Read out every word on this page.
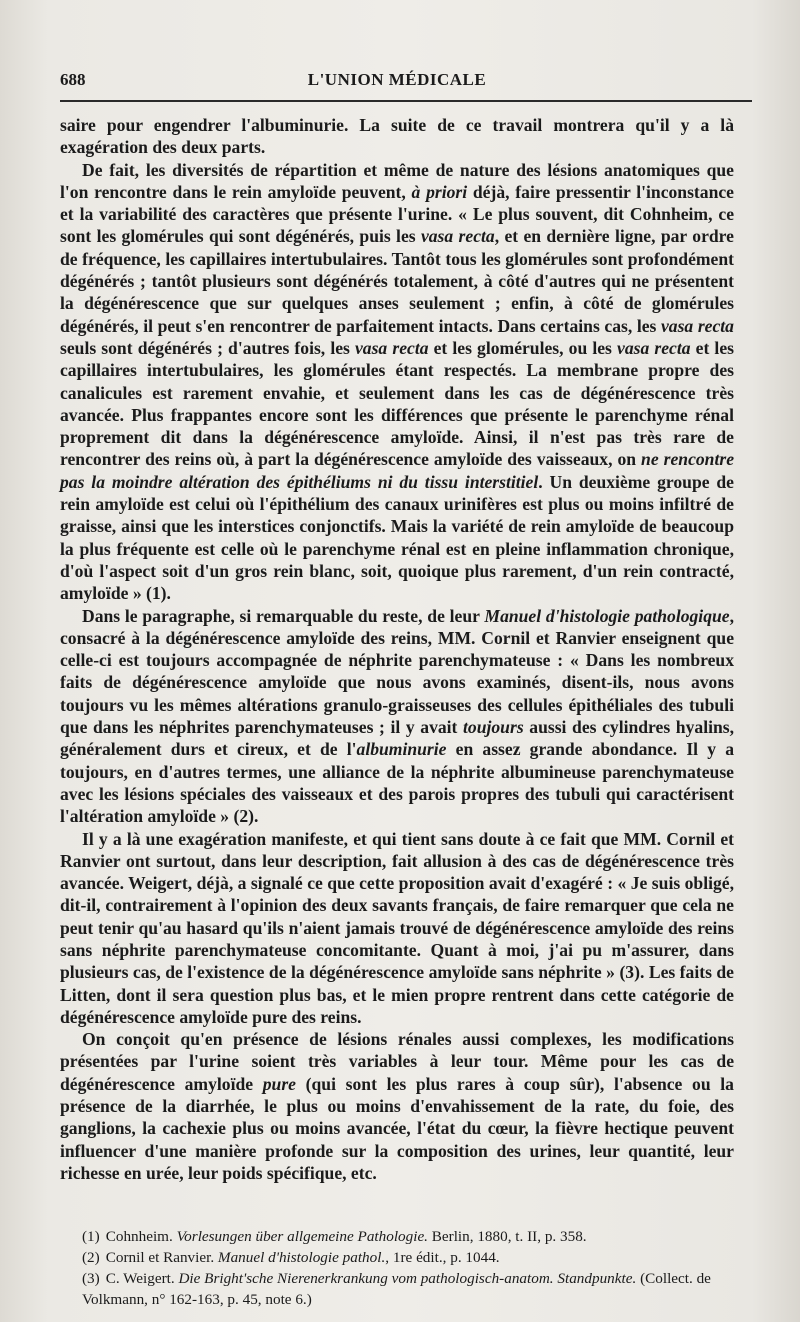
688	L'UNION MÉDICALE

saire pour engendrer l'albuminurie. La suite de ce travail montrera qu'il y a là exagération des deux parts.

De fait, les diversités de répartition et même de nature des lésions anatomiques que l'on rencontre dans le rein amyloïde peuvent, à priori déjà, faire pressentir l'inconstance et la variabilité des caractères que présente l'urine. « Le plus souvent, dit Cohnheim, ce sont les glomérules qui sont dégénérés, puis les vasa recta, et en dernière ligne, par ordre de fréquence, les capillaires intertubulaires. Tantôt tous les glomérules sont profondément dégénérés ; tantôt plusieurs sont dégénérés totalement, à côté d'autres qui ne présentent la dégénérescence que sur quelques anses seulement ; enfin, à côté de glomérules dégénérés, il peut s'en rencontrer de parfaitement intacts. Dans certains cas, les vasa recta seuls sont dégénérés ; d'autres fois, les vasa recta et les glomérules, ou les vasa recta et les capillaires intertubulaires, les glomérules étant respectés. La membrane propre des canalicules est rarement envahie, et seulement dans les cas de dégénérescence très avancée. Plus frappantes encore sont les différences que présente le parenchyme rénal proprement dit dans la dégénérescence amyloïde. Ainsi, il n'est pas très rare de rencontrer des reins où, à part la dégénérescence amyloïde des vaisseaux, on ne rencontre pas la moindre altération des épithéliums ni du tissu interstitiel. Un deuxième groupe de rein amyloïde est celui où l'épithélium des canaux urinifères est plus ou moins infiltré de graisse, ainsi que les interstices conjonctifs. Mais la variété de rein amyloïde de beaucoup la plus fréquente est celle où le parenchyme rénal est en pleine inflammation chronique, d'où l'aspect soit d'un gros rein blanc, soit, quoique plus rarement, d'un rein contracté, amyloïde » (1).

Dans le paragraphe, si remarquable du reste, de leur Manuel d'histologie pathologique, consacré à la dégénérescence amyloïde des reins, MM. Cornil et Ranvier enseignent que celle-ci est toujours accompagnée de néphrite parenchymateuse : « Dans les nombreux faits de dégénérescence amyloïde que nous avons examinés, disent-ils, nous avons toujours vu les mêmes altérations granulo-graisseuses des cellules épithéliales des tubuli que dans les néphrites parenchymateuses ; il y avait toujours aussi des cylindres hyalins, généralement durs et cireux, et de l'albuminurie en assez grande abondance. Il y a toujours, en d'autres termes, une alliance de la néphrite albumineuse parenchymateuse avec les lésions spéciales des vaisseaux et des parois propres des tubuli qui caractérisent l'altération amyloïde » (2).

Il y a là une exagération manifeste, et qui tient sans doute à ce fait que MM. Cornil et Ranvier ont surtout, dans leur description, fait allusion à des cas de dégénérescence très avancée. Weigert, déjà, a signalé ce que cette proposition avait d'exagéré : « Je suis obligé, dit-il, contrairement à l'opinion des deux savants français, de faire remarquer que cela ne peut tenir qu'au hasard qu'ils n'aient jamais trouvé de dégénérescence amyloïde des reins sans néphrite parenchymateuse concomitante. Quant à moi, j'ai pu m'assurer, dans plusieurs cas, de l'existence de la dégénérescence amyloïde sans néphrite » (3). Les faits de Litten, dont il sera question plus bas, et le mien propre rentrent dans cette catégorie de dégénérescence amyloïde pure des reins.

On conçoit qu'en présence de lésions rénales aussi complexes, les modifications présentées par l'urine soient très variables à leur tour. Même pour les cas de dégénérescence amyloïde pure (qui sont les plus rares à coup sûr), l'absence ou la présence de la diarrhée, le plus ou moins d'envahissement de la rate, du foie, des ganglions, la cachexie plus ou moins avancée, l'état du cœur, la fièvre hectique peuvent influencer d'une manière profonde sur la composition des urines, leur quantité, leur richesse en urée, leur poids spécifique, etc.

(1) Cohnheim. Vorlesungen über allgemeine Pathologie. Berlin, 1880, t. II, p. 358.

(2) Cornil et Ranvier. Manuel d'histologie pathol., 1re édit., p. 1044.

(3) C. Weigert. Die Bright'sche Nierenerkrankung vom pathologisch-anatom. Standpunkte. (Collect. de Volkmann, n° 162-163, p. 45, note 6.)
